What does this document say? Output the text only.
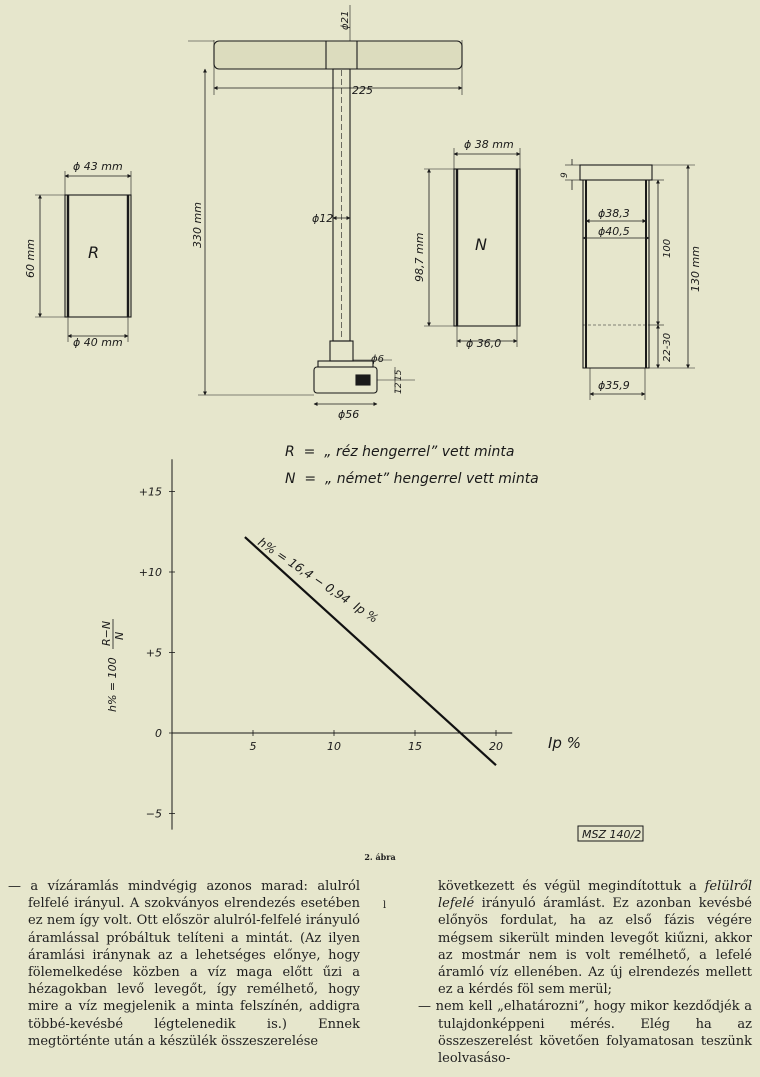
ϕ21
225
330 mm	ϕ12
ϕ6
15
12
ϕ56
ϕ 43 mm
60 mm	R
ϕ 40 mm
ϕ 38 mm
98,7 mm	N
ϕ 36,0
9
ϕ38,3
ϕ40,5
100 130 mm
22-30
ϕ35,9
R  =  „ réz hengerrel” vett minta
N  =  „ német” hengerrel vett minta
5	10	15	20
+15
+10
+5
0
−5
Ip %
h% = 100
R−N N
h% = 16,4 − 0,94  Ip %
MSZ 140/2
2. ábra

— a vízáramlás mindvégig azonos marad: alulról felfelé irányul. A szokványos elrendezés esetében ez nem így volt. Ott először alulról-felfelé irányuló áramlással próbáltuk telíteni a mintát. (Az ilyen áramlási iránynak az a lehetséges előnye, hogy fölemelkedése közben a víz maga előtt űzi a hézagokban levő levegőt, így remélhető, hogy mire a víz megjelenik a minta felszínén, addigra többé-kevésbé légtelenedik is.) Ennek megtörténte után a készülék összeszerelése

l

következett és végül megindítottuk a felülről lefelé irányuló áramlást. Ez azonban kevésbé előnyös fordulat, ha az első fázis végére mégsem sikerült minden levegőt kiűzni, akkor az mostmár nem is volt remélhető, a lefelé áramló víz ellenében. Az új elrendezés mellett ez a kérdés föl sem merül;

— nem kell „elhatározni”, hogy mikor kezdődjék a tulajdonképpeni mérés. Elég ha az összeszerelést követően folyamatosan teszünk leolvasáso-
